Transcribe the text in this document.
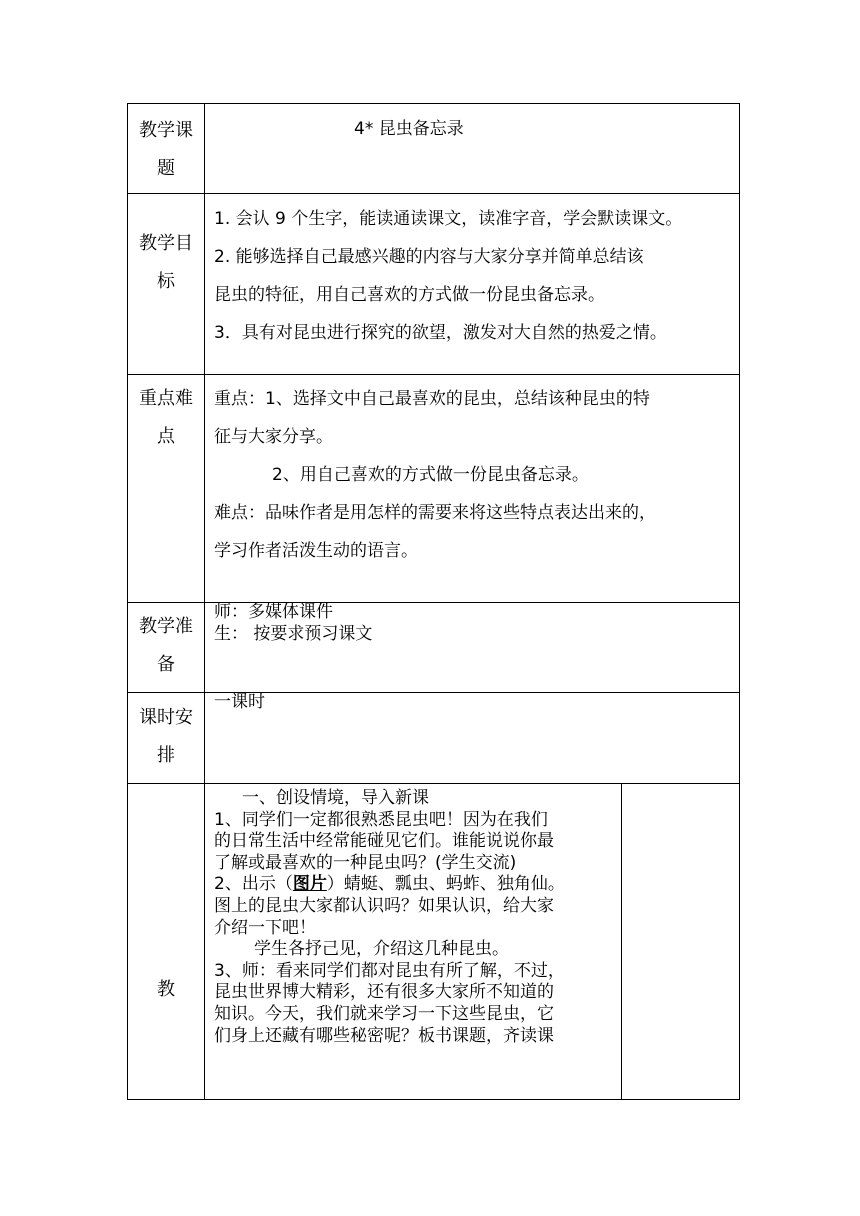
教学课
题
4* 昆虫备忘录
教学目
标
1. 会认 9 个生字，能读通读课文，读准字音，学会默读课文。
2. 能够选择自己最感兴趣的内容与大家分享并简单总结该
昆虫的特征，用自己喜欢的方式做一份昆虫备忘录。
3．具有对昆虫进行探究的欲望，激发对大自然的热爱之情。
重点难
点
重点：1、选择文中自己最喜欢的昆虫，总结该种昆虫的特
征与大家分享。
2、用自己喜欢的方式做一份昆虫备忘录。
难点：品味作者是用怎样的需要来将这些特点表达出来的，
学习作者活泼生动的语言。
教学准
备
师：多媒体课件
生： 按要求预习课文
课时安
排
一课时
教
一、创设情境，导入新课
1、同学们一定都很熟悉昆虫吧！因为在我们
的日常生活中经常能碰见它们。谁能说说你最
了解或最喜欢的一种昆虫吗？(学生交流)
2、出示（图片）蜻蜓、瓢虫、蚂蚱、独角仙。
图上的昆虫大家都认识吗？如果认识，给大家
介绍一下吧！
学生各抒己见，介绍这几种昆虫。
3、师：看来同学们都对昆虫有所了解，不过，
昆虫世界博大精彩，还有很多大家所不知道的
知识。今天，我们就来学习一下这些昆虫，它
们身上还藏有哪些秘密呢？板书课题，齐读课
